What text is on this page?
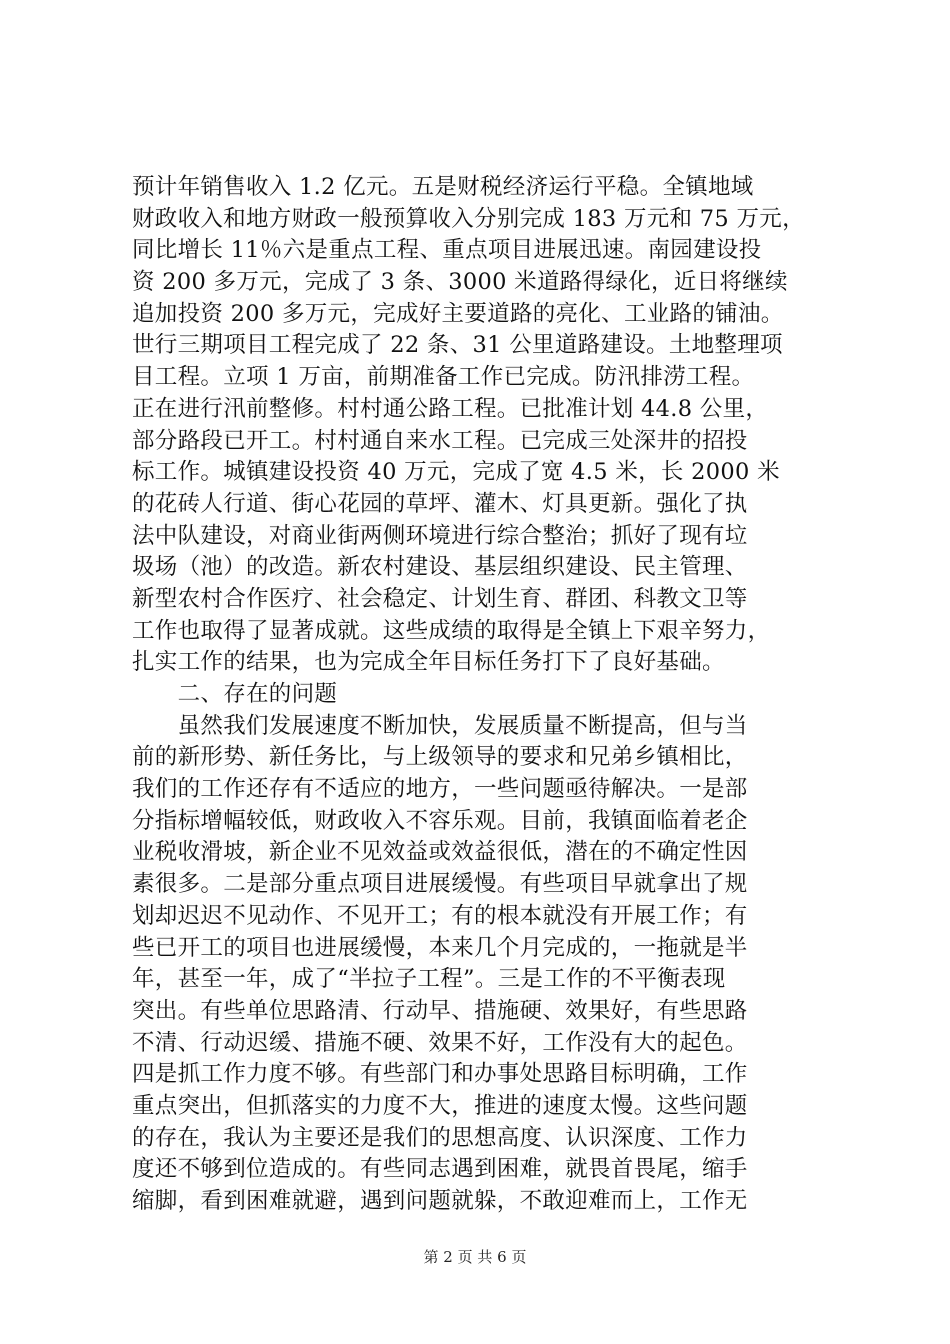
预计年销售收入 1.2 亿元。五是财税经济运行平稳。全镇地域
财政收入和地方财政一般预算收入分别完成 183 万元和 75 万元，
同比增长 11％六是重点工程、重点项目进展迅速。南园建设投
资 200 多万元，完成了 3 条、3000 米道路得绿化，近日将继续
追加投资 200 多万元，完成好主要道路的亮化、工业路的铺油。
世行三期项目工程完成了 22 条、31 公里道路建设。土地整理项
目工程。立项 1 万亩，前期准备工作已完成。防汛排涝工程。
正在进行汛前整修。村村通公路工程。已批准计划 44.8 公里，
部分路段已开工。村村通自来水工程。已完成三处深井的招投
标工作。城镇建设投资 40 万元，完成了宽 4.5 米，长 2000 米
的花砖人行道、街心花园的草坪、灌木、灯具更新。强化了执
法中队建设，对商业街两侧环境进行综合整治；抓好了现有垃
圾场（池）的改造。新农村建设、基层组织建设、民主管理、
新型农村合作医疗、社会稳定、计划生育、群团、科教文卫等
工作也取得了显著成就。这些成绩的取得是全镇上下艰辛努力，
扎实工作的结果，也为完成全年目标任务打下了良好基础。
　　二、存在的问题
　　虽然我们发展速度不断加快，发展质量不断提高，但与当
前的新形势、新任务比，与上级领导的要求和兄弟乡镇相比，
我们的工作还存有不适应的地方，一些问题亟待解决。一是部
分指标增幅较低，财政收入不容乐观。目前，我镇面临着老企
业税收滑坡，新企业不见效益或效益很低，潜在的不确定性因
素很多。二是部分重点项目进展缓慢。有些项目早就拿出了规
划却迟迟不见动作、不见开工；有的根本就没有开展工作；有
些已开工的项目也进展缓慢，本来几个月完成的，一拖就是半
年，甚至一年，成了“半拉子工程”。三是工作的不平衡表现
突出。有些单位思路清、行动早、措施硬、效果好，有些思路
不清、行动迟缓、措施不硬、效果不好，工作没有大的起色。
四是抓工作力度不够。有些部门和办事处思路目标明确，工作
重点突出，但抓落实的力度不大，推进的速度太慢。这些问题
的存在，我认为主要还是我们的思想高度、认识深度、工作力
度还不够到位造成的。有些同志遇到困难，就畏首畏尾，缩手
缩脚，看到困难就避，遇到问题就躲，不敢迎难而上，工作无
第 2 页 共 6 页
